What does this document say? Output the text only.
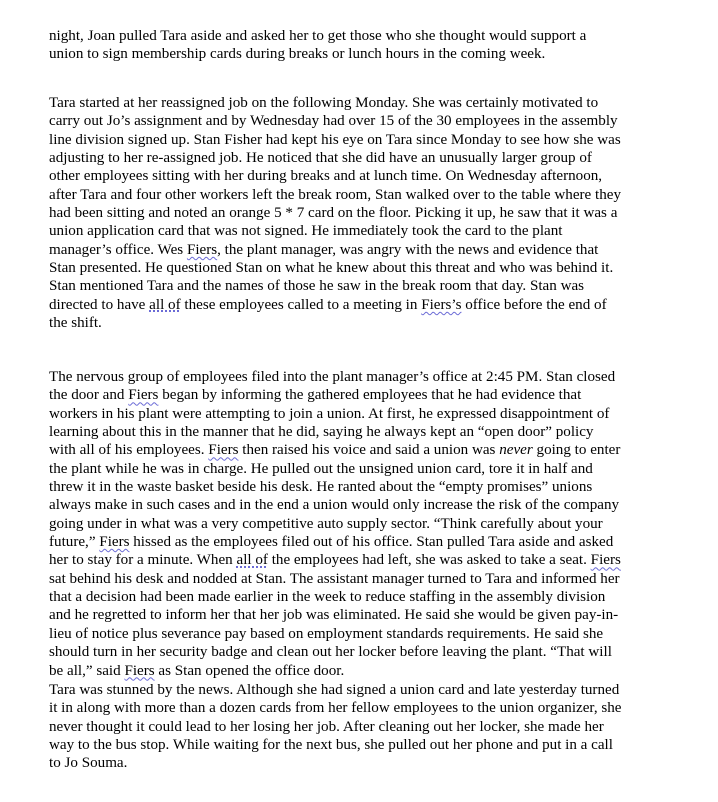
night, Joan pulled Tara aside and asked her to get those who she thought would support a
union to sign membership cards during breaks or lunch hours in the coming week.
Tara started at her reassigned job on the following Monday. She was certainly motivated to
carry out Jo’s assignment and by Wednesday had over 15 of the 30 employees in the assembly
line division signed up. Stan Fisher had kept his eye on Tara since Monday to see how she was
adjusting to her re-assigned job. He noticed that she did have an unusually larger group of
other employees sitting with her during breaks and at lunch time. On Wednesday afternoon,
after Tara and four other workers left the break room, Stan walked over to the table where they
had been sitting and noted an orange 5 * 7 card on the floor. Picking it up, he saw that it was a
union application card that was not signed. He immediately took the card to the plant
manager’s office. Wes Fiers, the plant manager, was angry with the news and evidence that
Stan presented. He questioned Stan on what he knew about this threat and who was behind it.
Stan mentioned Tara and the names of those he saw in the break room that day. Stan was
directed to have all of these employees called to a meeting in Fiers’s office before the end of
the shift.
The nervous group of employees filed into the plant manager’s office at 2:45 PM. Stan closed
the door and Fiers began by informing the gathered employees that he had evidence that
workers in his plant were attempting to join a union. At first, he expressed disappointment of
learning about this in the manner that he did, saying he always kept an “open door” policy
with all of his employees. Fiers then raised his voice and said a union was never going to enter
the plant while he was in charge. He pulled out the unsigned union card, tore it in half and
threw it in the waste basket beside his desk. He ranted about the “empty promises” unions
always make in such cases and in the end a union would only increase the risk of the company
going under in what was a very competitive auto supply sector. “Think carefully about your
future,” Fiers hissed as the employees filed out of his office. Stan pulled Tara aside and asked
her to stay for a minute. When all of the employees had left, she was asked to take a seat. Fiers
sat behind his desk and nodded at Stan. The assistant manager turned to Tara and informed her
that a decision had been made earlier in the week to reduce staffing in the assembly division
and he regretted to inform her that her job was eliminated. He said she would be given pay-in-
lieu of notice plus severance pay based on employment standards requirements. He said she
should turn in her security badge and clean out her locker before leaving the plant. “That will
be all,” said Fiers as Stan opened the office door.
Tara was stunned by the news. Although she had signed a union card and late yesterday turned
it in along with more than a dozen cards from her fellow employees to the union organizer, she
never thought it could lead to her losing her job. After cleaning out her locker, she made her
way to the bus stop. While waiting for the next bus, she pulled out her phone and put in a call
to Jo Souma.
